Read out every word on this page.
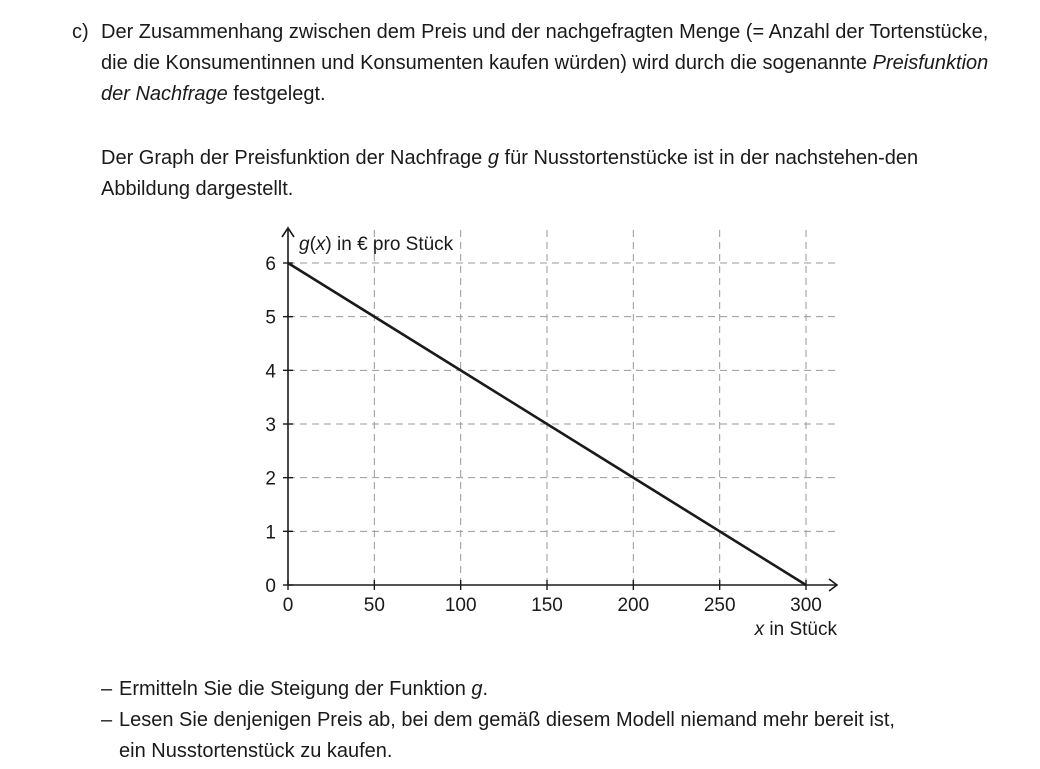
c) Der Zusammenhang zwischen dem Preis und der nachgefragten Menge (= Anzahl der Tortenstücke, die die Konsumentinnen und Konsumenten kaufen würden) wird durch die sogenannte Preisfunktion der Nachfrage festgelegt.

Der Graph der Preisfunktion der Nachfrage g für Nusstortenstücke ist in der nachstehen-den Abbildung dargestellt.

0	50	100	150	200	250	300
0
1
2
3
4
5
6
g(x) in € pro Stück
x in Stück
– Ermitteln Sie die Steigung der Funktion g.
– Lesen Sie denjenigen Preis ab, bei dem gemäß diesem Modell niemand mehr bereit ist,
ein Nusstortenstück zu kaufen.
